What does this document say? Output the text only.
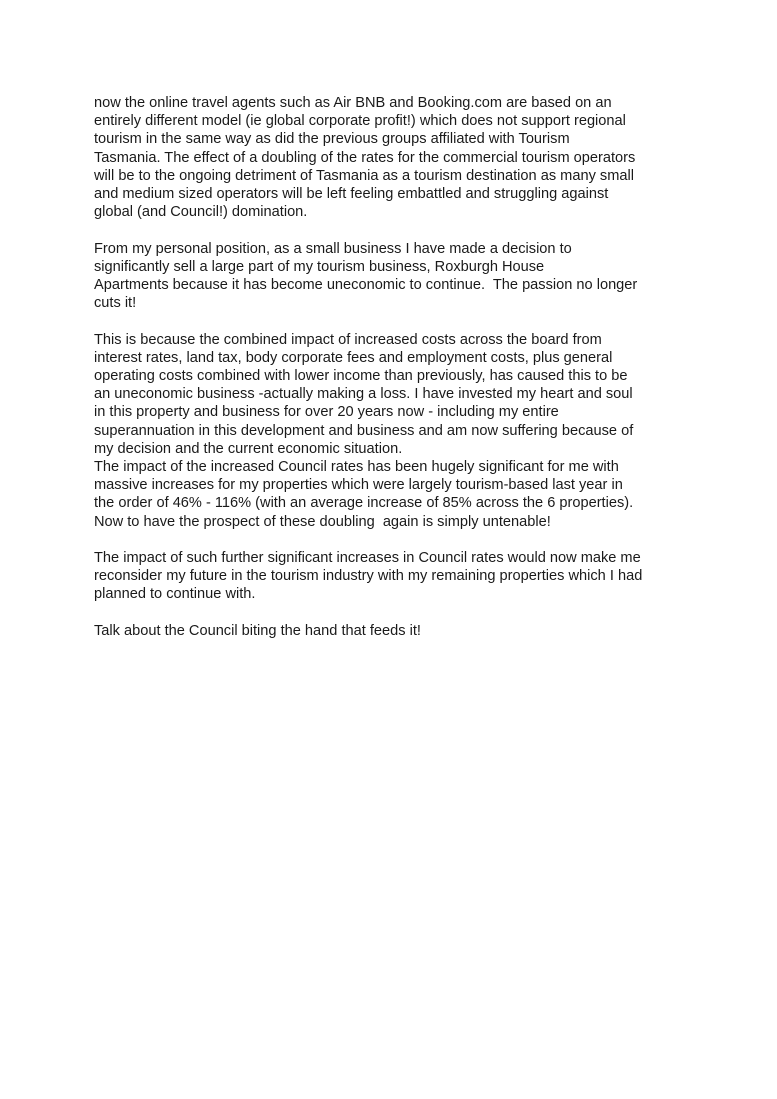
now the online travel agents such as Air BNB and Booking.com are based on an
entirely different model (ie global corporate profit!) which does not support regional
tourism in the same way as did the previous groups affiliated with Tourism
Tasmania. The effect of a doubling of the rates for the commercial tourism operators
will be to the ongoing detriment of Tasmania as a tourism destination as many small
and medium sized operators will be left feeling embattled and struggling against
global (and Council!) domination.

From my personal position, as a small business I have made a decision to
significantly sell a large part of my tourism business, Roxburgh House
Apartments because it has become uneconomic to continue.  The passion no longer
cuts it!

This is because the combined impact of increased costs across the board from
interest rates, land tax, body corporate fees and employment costs, plus general
operating costs combined with lower income than previously, has caused this to be
an uneconomic business -actually making a loss. I have invested my heart and soul
in this property and business for over 20 years now - including my entire
superannuation in this development and business and am now suffering because of
my decision and the current economic situation.

The impact of the increased Council rates has been hugely significant for me with
massive increases for my properties which were largely tourism-based last year in
the order of 46% - 116% (with an average increase of 85% across the 6 properties).
Now to have the prospect of these doubling  again is simply untenable!

The impact of such further significant increases in Council rates would now make me
reconsider my future in the tourism industry with my remaining properties which I had
planned to continue with.

Talk about the Council biting the hand that feeds it!
